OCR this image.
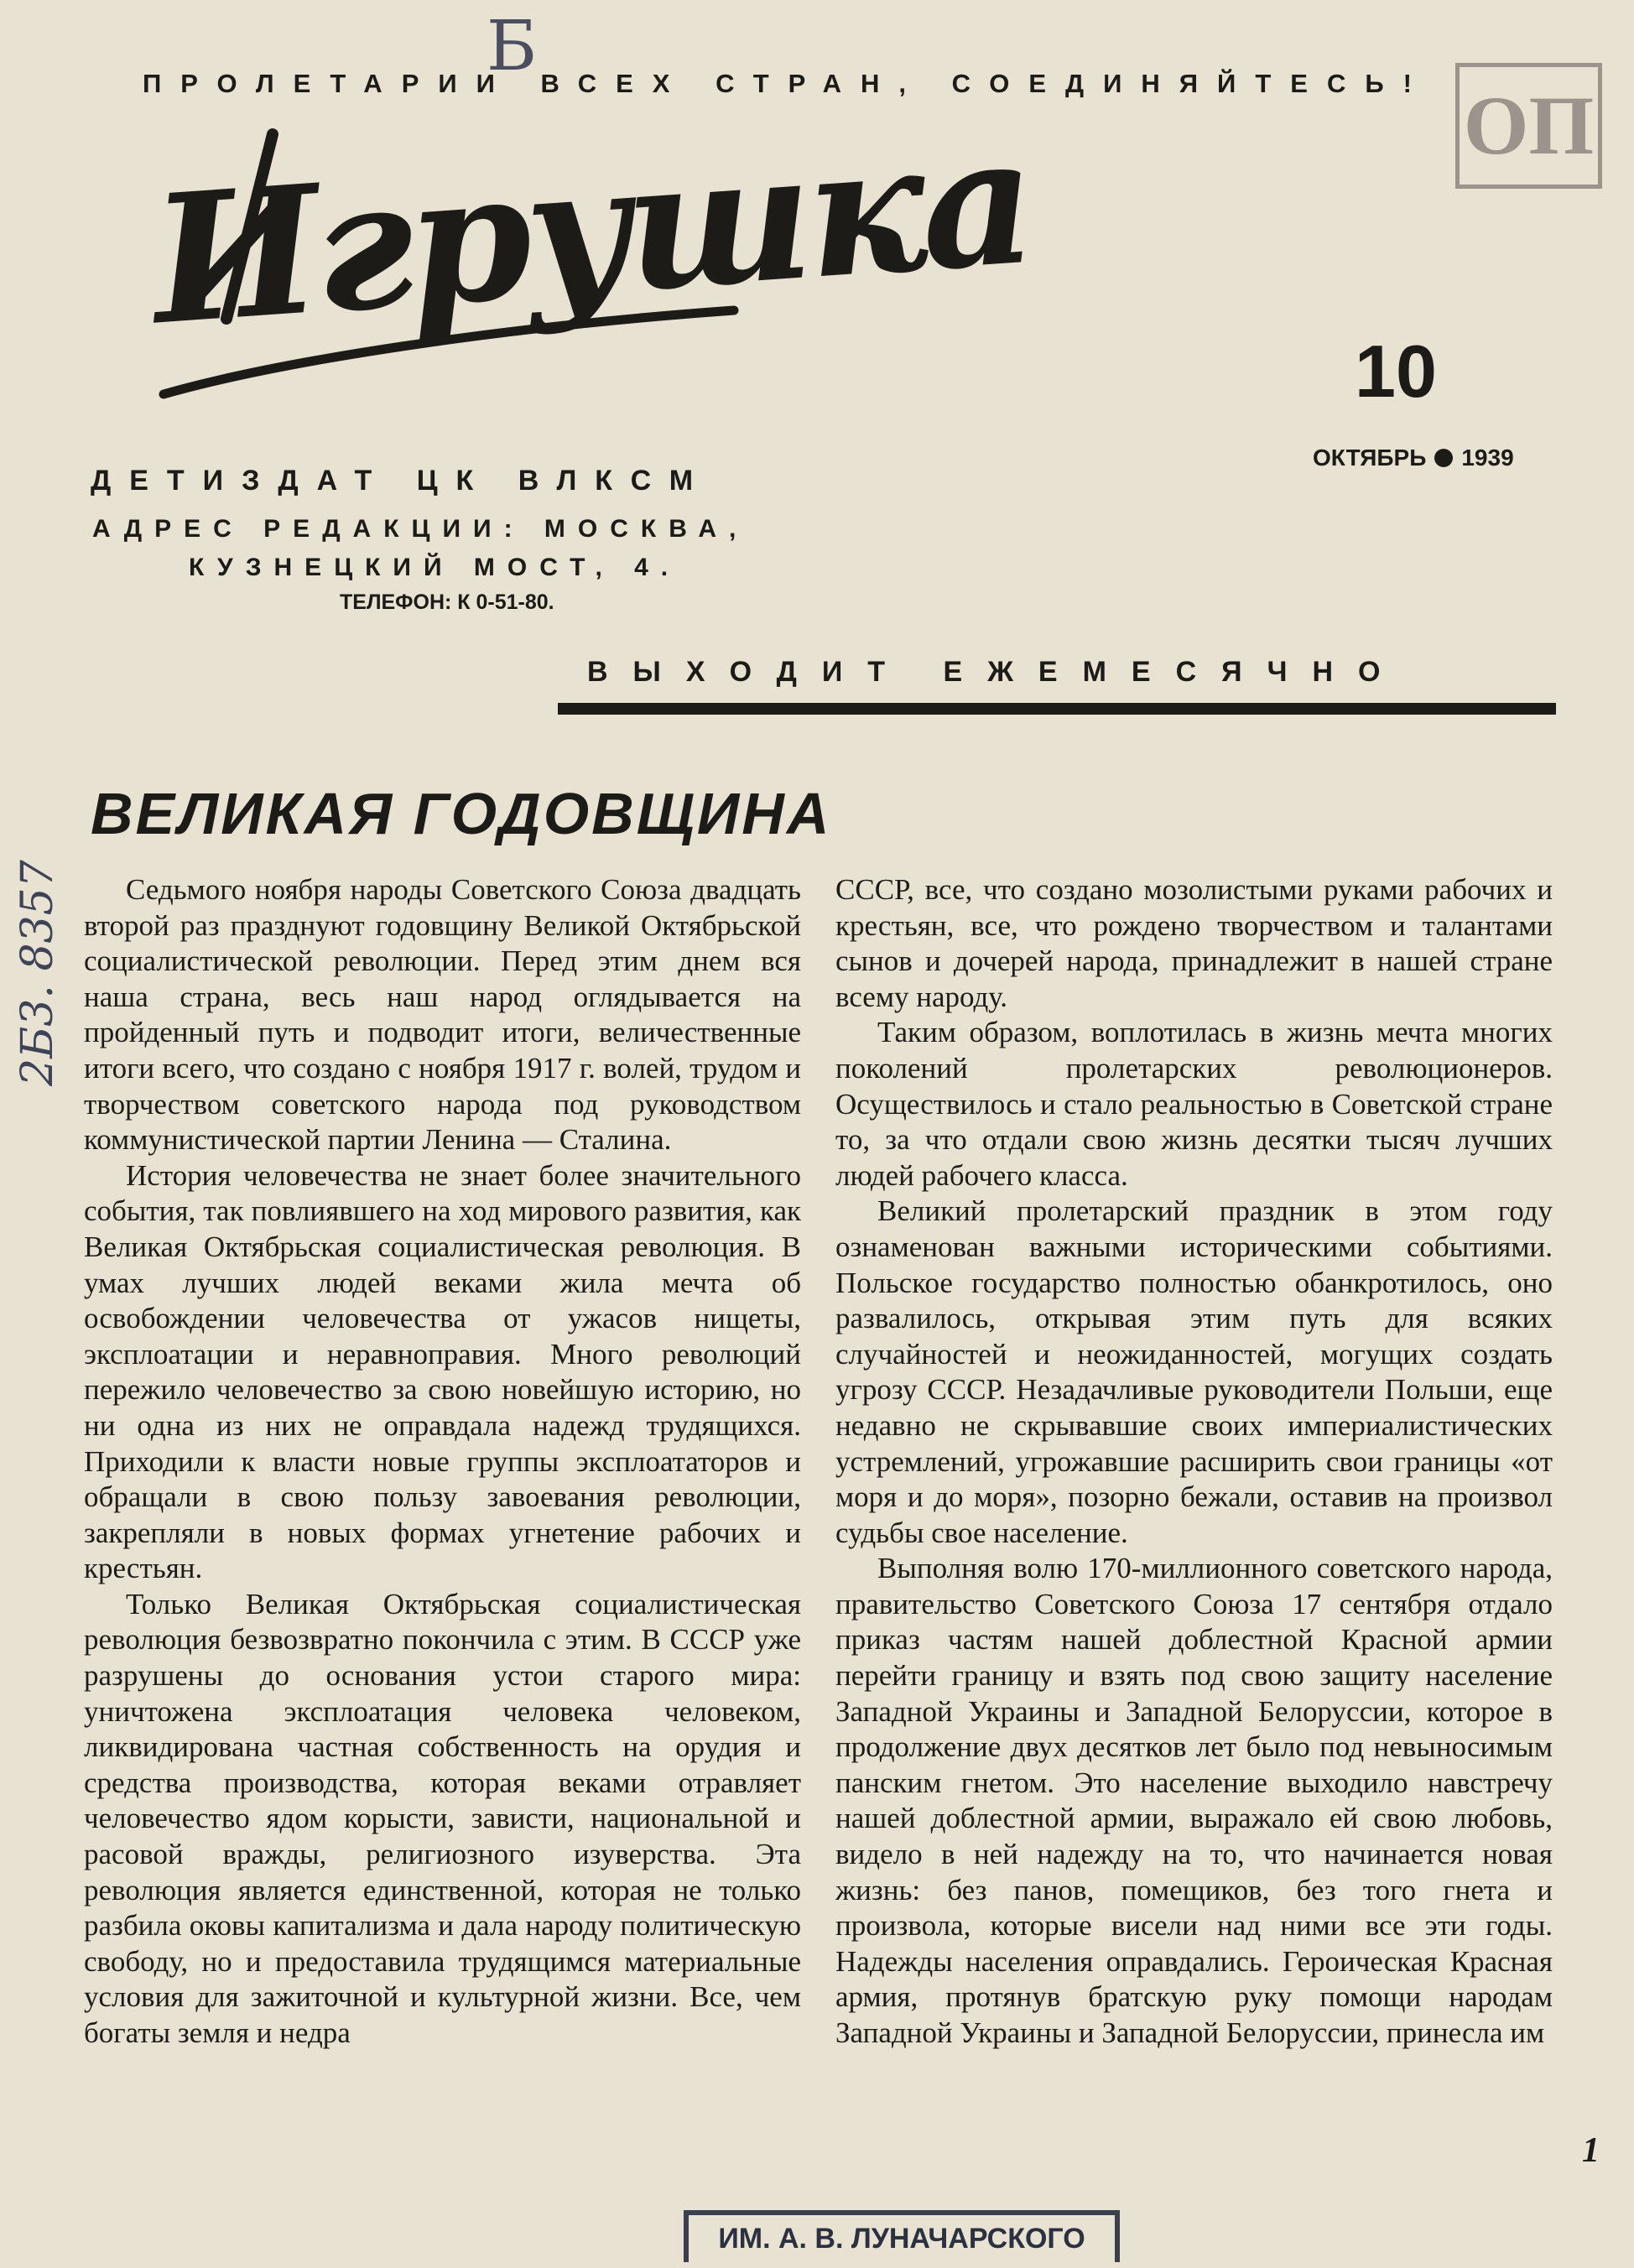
ПРОЛЕТАРИИ ВСЕХ СТРАН, СОЕДИНЯЙТЕСЬ!
Б
ОП
Игрушка
10
ОКТЯБРЬ 1939
ДЕТИЗДАТ ЦК ВЛКСМ
АДРЕС РЕДАКЦИИ: МОСКВА,
КУЗНЕЦКИЙ МОСТ, 4.
ТЕЛЕФОН: К 0-51-80.
ВЫХОДИТ ЕЖЕМЕСЯЧНО
2Б3. 8357
ВЕЛИКАЯ ГОДОВЩИНА

Седьмого ноября народы Советского Союза двадцать второй раз празднуют годовщину Великой Октябрьской социалистической революции. Перед этим днем вся наша страна, весь наш народ оглядывается на пройденный путь и подводит итоги, величественные итоги всего, что создано с ноября 1917 г. волей, трудом и творчеством советского народа под руководством коммунистической партии Ленина — Сталина.

История человечества не знает более значительного события, так повлиявшего на ход мирового развития, как Великая Октябрьская социалистическая революция. В умах лучших людей веками жила мечта об освобождении человечества от ужасов нищеты, эксплоатации и неравноправия. Много революций пережило человечество за свою новейшую историю, но ни одна из них не оправдала надежд трудящихся. Приходили к власти новые группы эксплоататоров и обращали в свою пользу завоевания революции, закрепляли в новых формах угнетение рабочих и крестьян.

Только Великая Октябрьская социалистическая революция безвозвратно покончила с этим. В СССР уже разрушены до основания устои старого мира: уничтожена эксплоатация человека человеком, ликвидирована частная собственность на орудия и средства производства, которая веками отравляет человечество ядом корысти, зависти, национальной и расовой вражды, религиозного изуверства. Эта революция является единственной, которая не только разбила оковы капитализма и дала народу политическую свободу, но и предоставила трудящимся материальные условия для зажиточной и культурной жизни. Все, чем богаты земля и недра

СССР, все, что создано мозолистыми руками рабочих и крестьян, все, что рождено творчеством и талантами сынов и дочерей народа, принадлежит в нашей стране всему народу.

Таким образом, воплотилась в жизнь мечта многих поколений пролетарских революционеров. Осуществилось и стало реальностью в Советской стране то, за что отдали свою жизнь десятки тысяч лучших людей рабочего класса.

Великий пролетарский праздник в этом году ознаменован важными историческими событиями. Польское государство полностью обанкротилось, оно развалилось, открывая этим путь для всяких случайностей и неожиданностей, могущих создать угрозу СССР. Незадачливые руководители Польши, еще недавно не скрывавшие своих империалистических устремлений, угрожавшие расширить свои границы «от моря и до моря», позорно бежали, оставив на произвол судьбы свое население.

Выполняя волю 170-миллионного советского народа, правительство Советского Союза 17 сентября отдало приказ частям нашей доблестной Красной армии перейти границу и взять под свою защиту население Западной Украины и Западной Белоруссии, которое в продолжение двух десятков лет было под невыносимым панским гнетом. Это население выходило навстречу нашей доблестной армии, выражало ей свою любовь, видело в ней надежду на то, что начинается новая жизнь: без панов, помещиков, без того гнета и произвола, которые висели над ними все эти годы. Надежды населения оправдались. Героическая Красная армия, протянув братскую руку помощи народам Западной Украины и Западной Белоруссии, принесла им

1
ИМ. А. В. ЛУНАЧАРСКОГО
